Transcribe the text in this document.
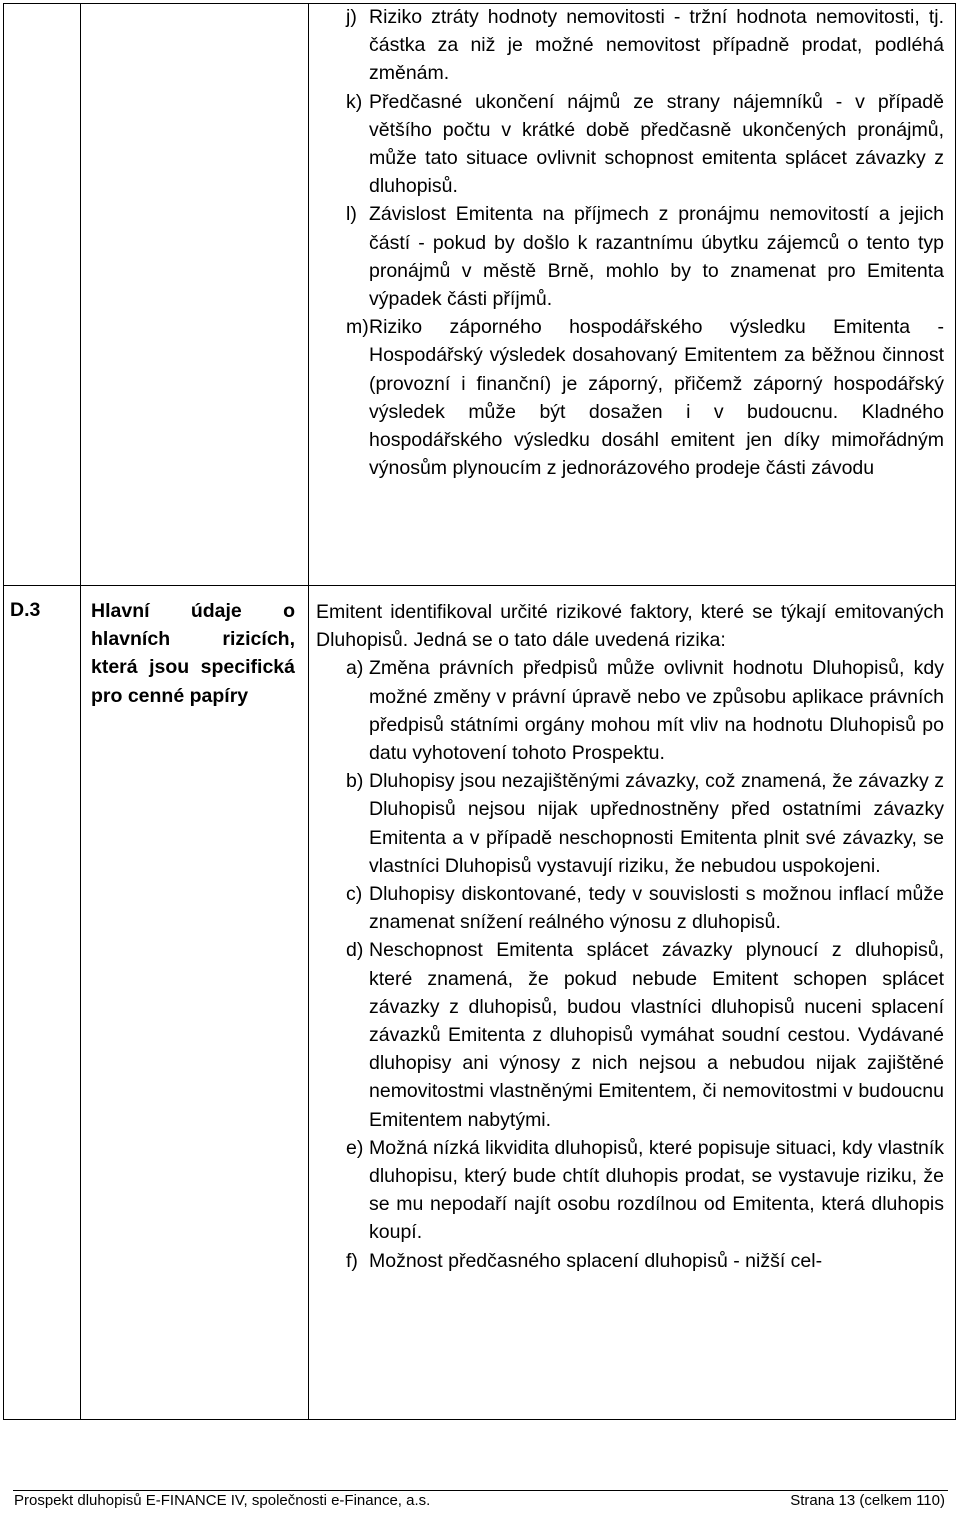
j) Riziko ztráty hodnoty nemovitosti - tržní hodnota nemovitosti, tj. částka za niž je možné nemovitost případně prodat, podléhá změnám.
k) Předčasné ukončení nájmů ze strany nájemníků - v případě většího počtu v krátké době předčasně ukončených pronájmů, může tato situace ovlivnit schopnost emitenta splácet závazky z dluhopisů.
l) Závislost Emitenta na příjmech z pronájmu nemovitostí a jejich částí - pokud by došlo k razantnímu úbytku zájemců o tento typ pronájmů v městě Brně, mohlo by to znamenat pro Emitenta výpadek části příjmů.
m) Riziko záporného hospodářského výsledku Emitenta - Hospodářský výsledek dosahovaný Emitentem za běžnou činnost (provozní i finanční) je záporný, přičemž záporný hospodářský výsledek může být dosažen i v budoucnu. Kladného hospodářského výsledku dosáhl emitent jen díky mimořádným výnosům plynoucím z jednorázového prodeje části závodu
D.3	Hlavní údaje o hlavních rizicích, která jsou specifická pro cenné papíry
Emitent identifikoval určité rizikové faktory, které se týkají emitovaných Dluhopisů. Jedná se o tato dále uvedená rizika:
a) Změna právních předpisů může ovlivnit hodnotu Dluhopisů, kdy možné změny v právní úpravě nebo ve způsobu aplikace právních předpisů státními orgány mohou mít vliv na hodnotu Dluhopisů po datu vyhotovení tohoto Prospektu.
b) Dluhopisy jsou nezajištěnými závazky, což znamená, že závazky z Dluhopisů nejsou nijak upřednostněny před ostatními závazky Emitenta a v případě neschopnosti Emitenta plnit své závazky, se vlastníci Dluhopisů vystavují riziku, že nebudou uspokojeni.
c) Dluhopisy diskontované, tedy v souvislosti s možnou inflací může znamenat snížení reálného výnosu z dluhopisů.
d) Neschopnost Emitenta splácet závazky plynoucí z dluhopisů, které znamená, že pokud nebude Emitent schopen splácet závazky z dluhopisů, budou vlastníci dluhopisů nuceni splacení závazků Emitenta z dluhopisů vymáhat soudní cestou. Vydávané dluhopisy ani výnosy z nich nejsou a nebudou nijak zajištěné nemovitostmi vlastněnými Emitentem, či nemovitostmi v budoucnu Emitentem nabytými.
e) Možná nízká likvidita dluhopisů, které popisuje situaci, kdy vlastník dluhopisu, který bude chtít dluhopis prodat, se vystavuje riziku, že se mu nepodaří najít osobu rozdílnou od Emitenta, která dluhopis koupí.
f) Možnost předčasného splacení dluhopisů - nižší cel-
Prospekt dluhopisů E-FINANCE IV, společnosti e-Finance, a.s.	Strana 13 (celkem 110)
